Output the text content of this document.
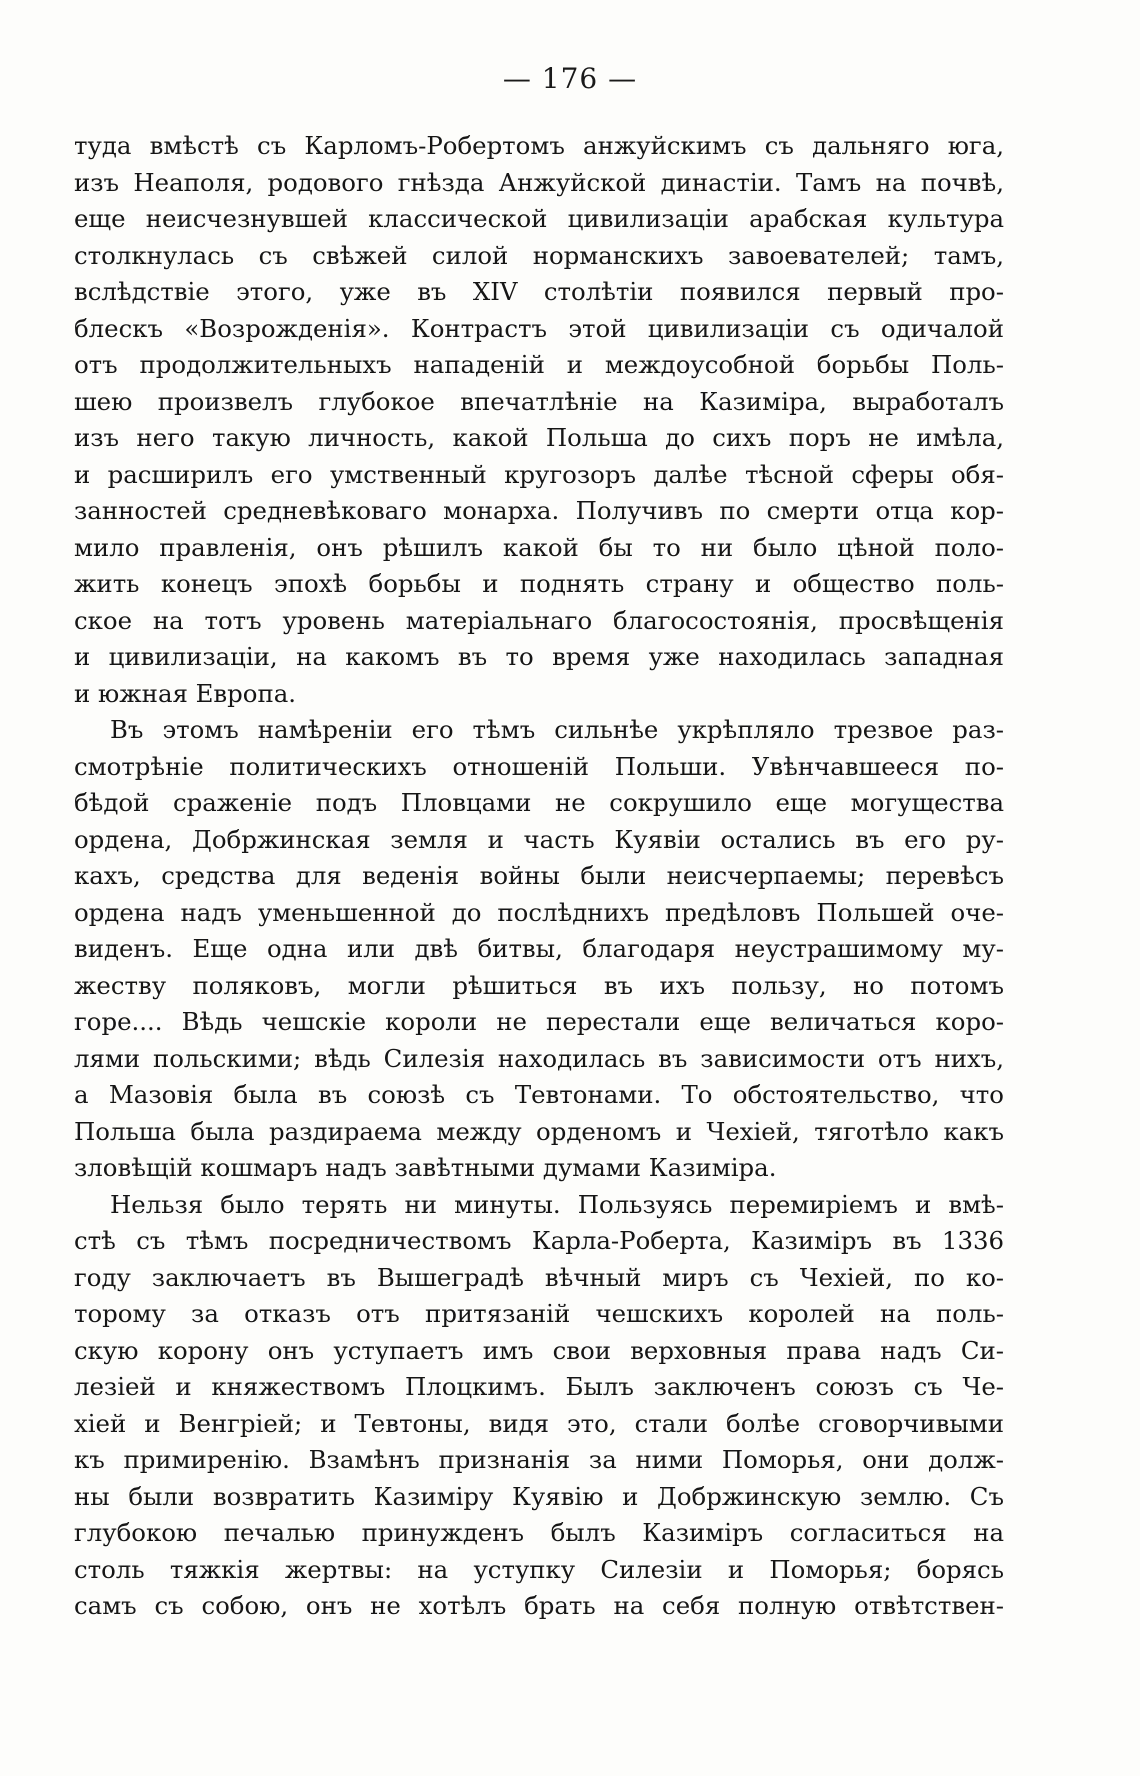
— 176 —
туда вмѣстѣ съ Карломъ-Робертомъ анжуйскимъ съ дальняго юга,
изъ Неаполя, родового гнѣзда Анжуйской династіи. Тамъ на почвѣ,
еще неисчезнувшей классической цивилизаціи арабская культура
столкнулась съ свѣжей силой норманскихъ завоевателей; тамъ,
вслѣдствіе этого, уже въ XIV столѣтіи появился первый про-
блескъ «Возрожденія». Контрастъ этой цивилизаціи съ одичалой
отъ продолжительныхъ нападеній и междоусобной борьбы Поль-
шею произвелъ глубокое впечатлѣніе на Казиміра, выработалъ
изъ него такую личность, какой Польша до сихъ поръ не имѣла,
и расширилъ его умственный кругозоръ далѣе тѣсной сферы обя-
занностей средневѣковаго монарха. Получивъ по смерти отца кор-
мило правленія, онъ рѣшилъ какой бы то ни было цѣной поло-
жить конецъ эпохѣ борьбы и поднять страну и общество поль-
ское на тотъ уровень матеріальнаго благосостоянія, просвѣщенія
и цивилизаціи, на какомъ въ то время уже находилась западная
и южная Европа.
Въ этомъ намѣреніи его тѣмъ сильнѣе укрѣпляло трезвое раз-
смотрѣніе политическихъ отношеній Польши. Увѣнчавшееся по-
бѣдой сраженіе подъ Пловцами не сокрушило еще могущества
ордена, Добржинская земля и часть Куявіи остались въ его ру-
кахъ, средства для веденія войны были неисчерпаемы; перевѣсъ
ордена надъ уменьшенной до послѣднихъ предѣловъ Польшей оче-
виденъ. Еще одна или двѣ битвы, благодаря неустрашимому му-
жеству поляковъ, могли рѣшиться въ ихъ пользу, но потомъ
горе.... Вѣдь чешскіе короли не перестали еще величаться коро-
лями польскими; вѣдь Силезія находилась въ зависимости отъ нихъ,
а Мазовія была въ союзѣ съ Тевтонами. То обстоятельство, что
Польша была раздираема между орденомъ и Чехіей, тяготѣло какъ
зловѣщій кошмаръ надъ завѣтными думами Казиміра.
Нельзя было терять ни минуты. Пользуясь перемиріемъ и вмѣ-
стѣ съ тѣмъ посредничествомъ Карла-Роберта, Казиміръ въ 1336
году заключаетъ въ Вышеградѣ вѣчный миръ съ Чехіей, по ко-
торому за отказъ отъ притязаній чешскихъ королей на поль-
скую корону онъ уступаетъ имъ свои верховныя права надъ Си-
лезіей и княжествомъ Плоцкимъ. Былъ заключенъ союзъ съ Че-
хіей и Венгріей; и Тевтоны, видя это, стали болѣе сговорчивыми
къ примиренію. Взамѣнъ признанія за ними Поморья, они долж-
ны были возвратить Казиміру Куявію и Добржинскую землю. Съ
глубокою печалью принужденъ былъ Казиміръ согласиться на
столь тяжкія жертвы: на уступку Силезіи и Поморья; борясь
самъ съ собою, онъ не хотѣлъ брать на себя полную отвѣтствен-
